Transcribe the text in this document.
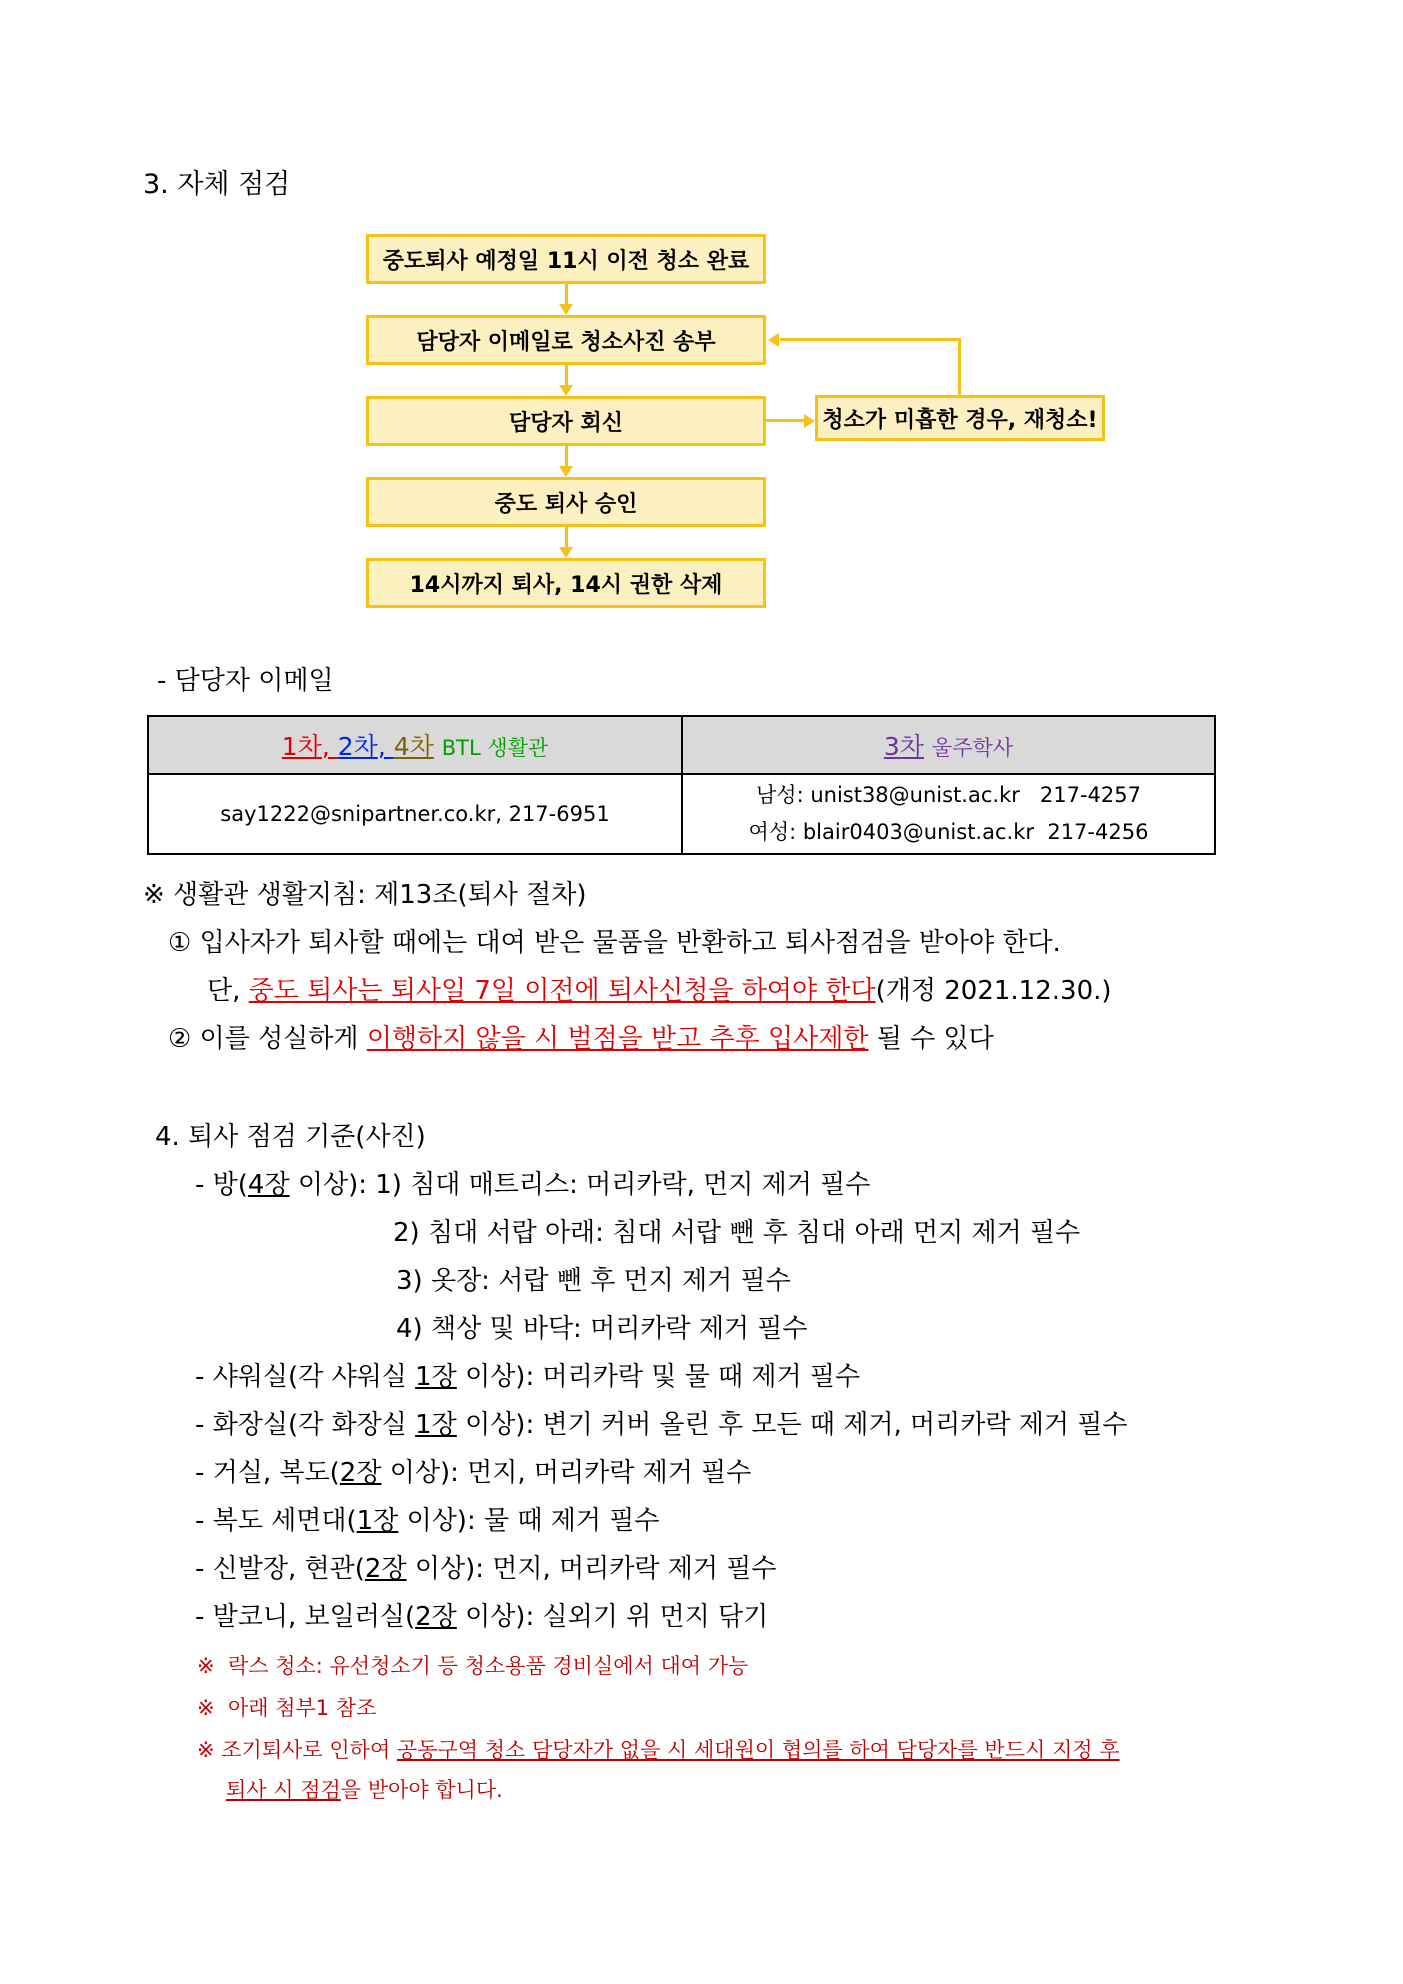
3. 자체 점검
중도퇴사 예정일 11시 이전 청소 완료
담당자 이메일로 청소사진 송부
담당자 회신
중도 퇴사 승인
14시까지 퇴사, 14시 권한 삭제
청소가 미흡한 경우, 재청소!
- 담당자 이메일
1차, 2차, 4차 BTL 생활관	3차 울주학사
say1222@snipartner.co.kr, 217-6951	남성: unist38@unist.ac.kr   217-4257
여성: blair0403@unist.ac.kr  217-4256
※ 생활관 생활지침: 제13조(퇴사 절차)
① 입사자가 퇴사할 때에는 대여 받은 물품을 반환하고 퇴사점검을 받아야 한다.
단, 중도 퇴사는 퇴사일 7일 이전에 퇴사신청을 하여야 한다(개정 2021.12.30.)
② 이를 성실하게 이행하지 않을 시 벌점을 받고 추후 입사제한 될 수 있다
4. 퇴사 점검 기준(사진)
- 방(4장 이상): 1) 침대 매트리스: 머리카락, 먼지 제거 필수
2) 침대 서랍 아래: 침대 서랍 뺀 후 침대 아래 먼지 제거 필수
3) 옷장: 서랍 뺀 후 먼지 제거 필수
4) 책상 및 바닥: 머리카락 제거 필수
- 샤워실(각 샤워실 1장 이상): 머리카락 및 물 때 제거 필수
- 화장실(각 화장실 1장 이상): 변기 커버 올린 후 모든 때 제거, 머리카락 제거 필수
- 거실, 복도(2장 이상): 먼지, 머리카락 제거 필수
- 복도 세면대(1장 이상): 물 때 제거 필수
- 신발장, 현관(2장 이상): 먼지, 머리카락 제거 필수
- 발코니, 보일러실(2장 이상): 실외기 위 먼지 닦기
※  락스 청소: 유선청소기 등 청소용품 경비실에서 대여 가능
※  아래 첨부1 참조
※ 조기퇴사로 인하여 공동구역 청소 담당자가 없을 시 세대원이 협의를 하여 담당자를 반드시 지정 후
퇴사 시 점검을 받아야 합니다.
